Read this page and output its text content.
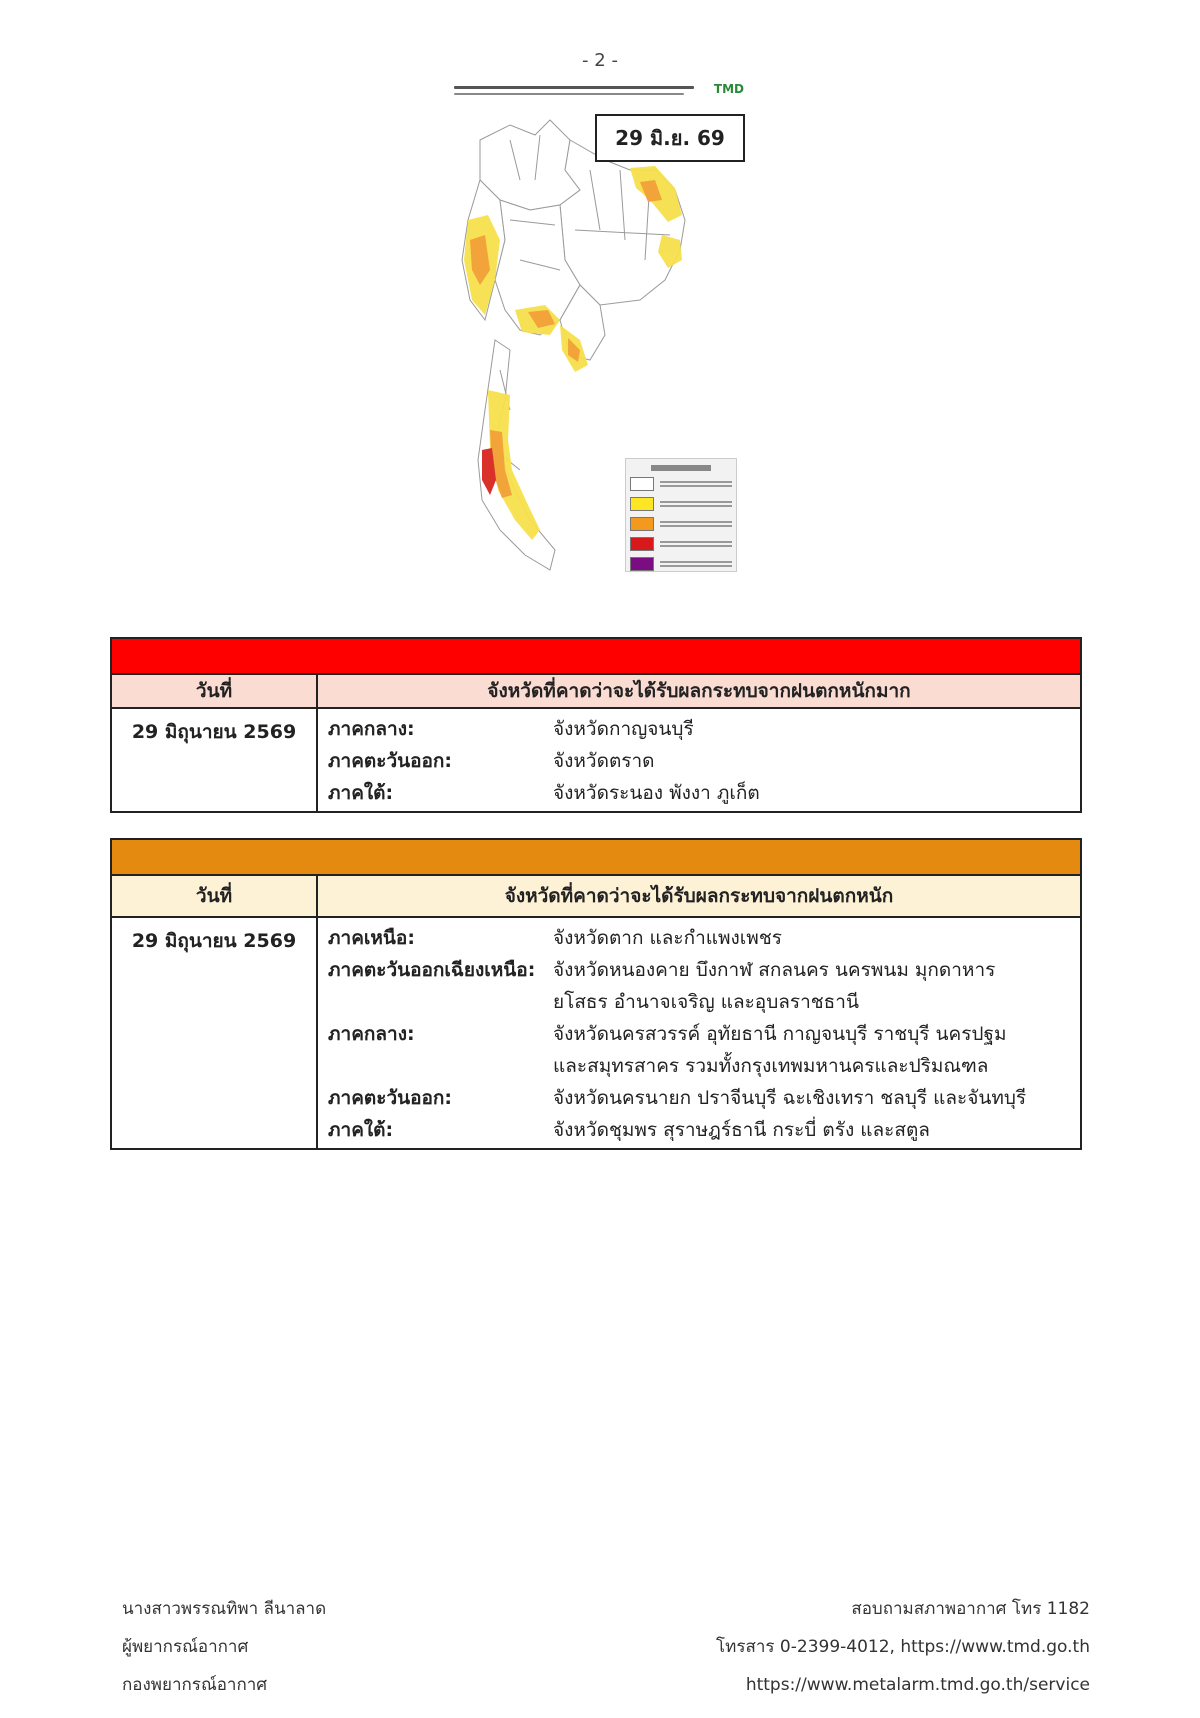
- 2 -
TMD
29 มิ.ย. 69
วันที่	จังหวัดที่คาดว่าจะได้รับผลกระทบจากฝนตกหนักมาก
29 มิถุนายน 2569	ภาคกลาง:	จังหวัดกาญจนบุรี
ภาคตะวันออก:	จังหวัดตราด
ภาคใต้:	จังหวัดระนอง พังงา ภูเก็ต
วันที่	จังหวัดที่คาดว่าจะได้รับผลกระทบจากฝนตกหนัก
29 มิถุนายน 2569	ภาคเหนือ:	จังหวัดตาก และกำแพงเพชร
ภาคตะวันออกเฉียงเหนือ: จังหวัดหนองคาย บึงกาฬ สกลนคร นครพนม มุกดาหาร
ยโสธร อำนาจเจริญ และอุบลราชธานี
ภาคกลาง:	จังหวัดนครสวรรค์ อุทัยธานี กาญจนบุรี ราชบุรี นครปฐม
และสมุทรสาคร รวมทั้งกรุงเทพมหานครและปริมณฑล
ภาคตะวันออก:	จังหวัดนครนายก ปราจีนบุรี ฉะเชิงเทรา ชลบุรี และจันทบุรี
ภาคใต้:	จังหวัดชุมพร สุราษฎร์ธานี กระบี่ ตรัง และสตูล
นางสาวพรรณทิพา ลีนาลาด
ผู้พยากรณ์อากาศ
กองพยากรณ์อากาศ
สอบถามสภาพอากาศ โทร 1182
โทรสาร 0-2399-4012, https://www.tmd.go.th
https://www.metalarm.tmd.go.th/service
